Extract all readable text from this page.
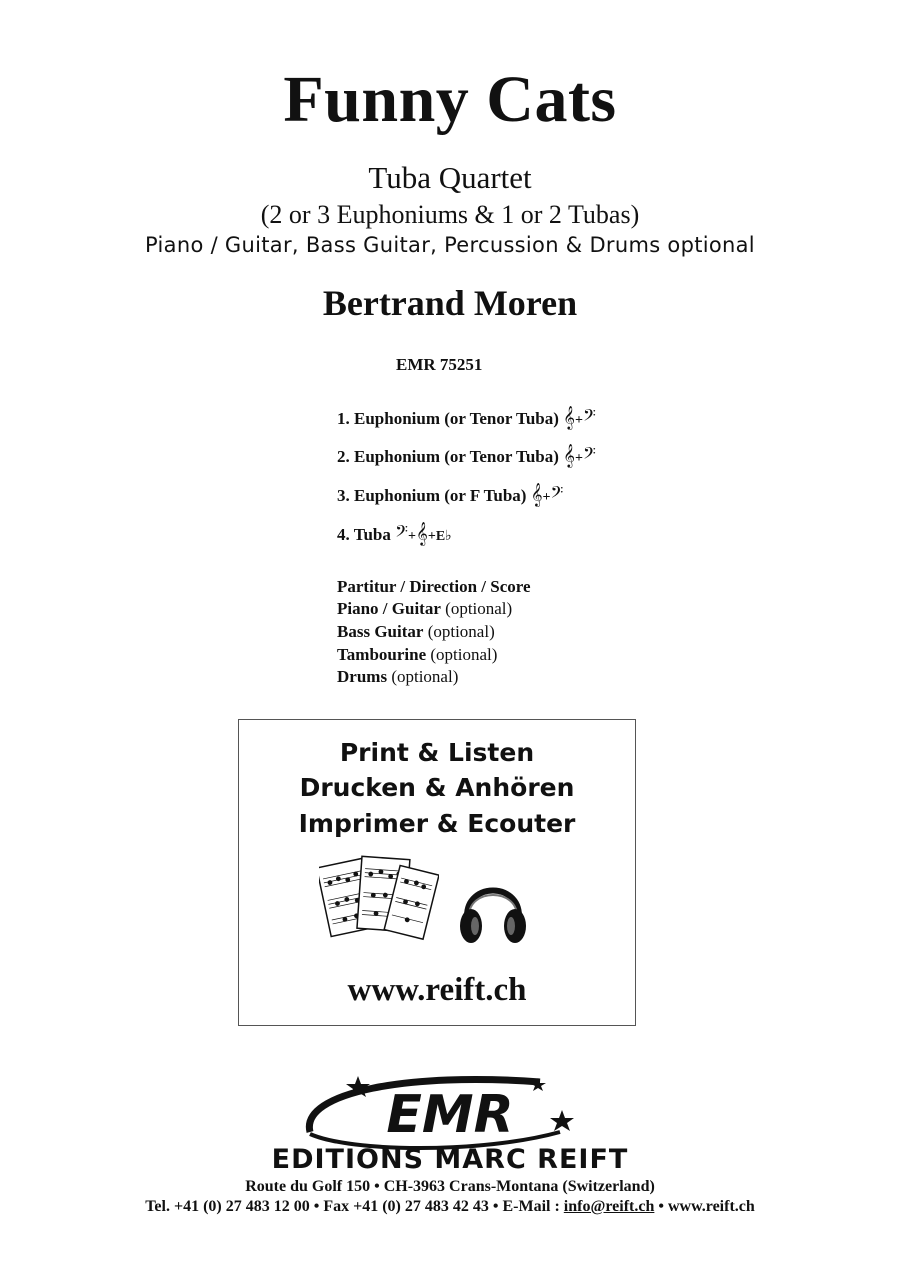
Funny Cats
Tuba Quartet
(2 or 3 Euphoniums & 1 or 2 Tubas)
Piano / Guitar, Bass Guitar, Percussion & Drums optional
Bertrand Moren
EMR 75251
1. Euphonium (or Tenor Tuba) 𝄞+𝄢
2. Euphonium (or Tenor Tuba) 𝄞+𝄢
3. Euphonium (or F Tuba) 𝄞+𝄢
4. Tuba 𝄢+𝄞+E♭
Partitur / Direction / Score
Piano / Guitar (optional)
Bass Guitar (optional)
Tambourine (optional)
Drums (optional)
Print & Listen
Drucken & Anhören
Imprimer & Ecouter
www.reift.ch
EMR
EDITIONS MARC REIFT
Route du Golf 150 • CH-3963 Crans-Montana (Switzerland)
Tel. +41 (0) 27 483 12 00 • Fax +41 (0) 27 483 42 43 • E-Mail : info@reift.ch • www.reift.ch
